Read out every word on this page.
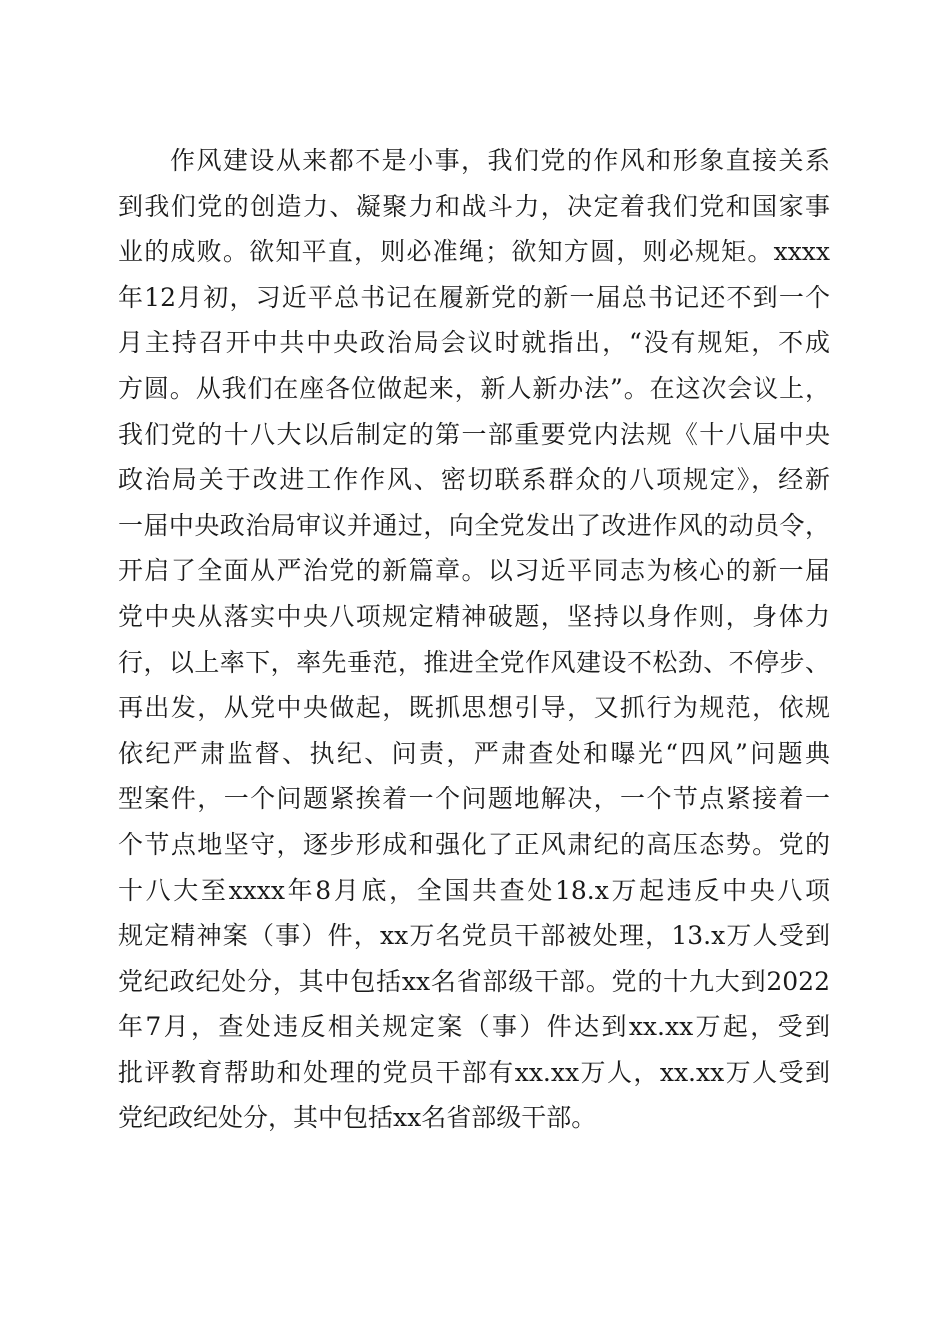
作风建设从来都不是小事，我们党的作风和形象直接关系
到我们党的创造力、凝聚力和战斗力，决定着我们党和国家事
业的成败。欲知平直，则必准绳；欲知方圆，则必规矩。xxxx
年12月初，习近平总书记在履新党的新一届总书记还不到一个
月主持召开中共中央政治局会议时就指出，“没有规矩，不成
方圆。从我们在座各位做起来，新人新办法”。在这次会议上，
我们党的十八大以后制定的第一部重要党内法规《十八届中央
政治局关于改进工作作风、密切联系群众的八项规定》，经新
一届中央政治局审议并通过，向全党发出了改进作风的动员令，
开启了全面从严治党的新篇章。以习近平同志为核心的新一届
党中央从落实中央八项规定精神破题，坚持以身作则，身体力
行，以上率下，率先垂范，推进全党作风建设不松劲、不停步、
再出发，从党中央做起，既抓思想引导，又抓行为规范，依规
依纪严肃监督、执纪、问责，严肃查处和曝光“四风”问题典
型案件，一个问题紧挨着一个问题地解决，一个节点紧接着一
个节点地坚守，逐步形成和强化了正风肃纪的高压态势。党的
十八大至xxxx年8月底，全国共查处18.x万起违反中央八项
规定精神案（事）件，xx万名党员干部被处理，13.x万人受到
党纪政纪处分，其中包括xx名省部级干部。党的十九大到2022
年7月，查处违反相关规定案（事）件达到xx.xx万起，受到
批评教育帮助和处理的党员干部有xx.xx万人，xx.xx万人受到
党纪政纪处分，其中包括xx名省部级干部。
